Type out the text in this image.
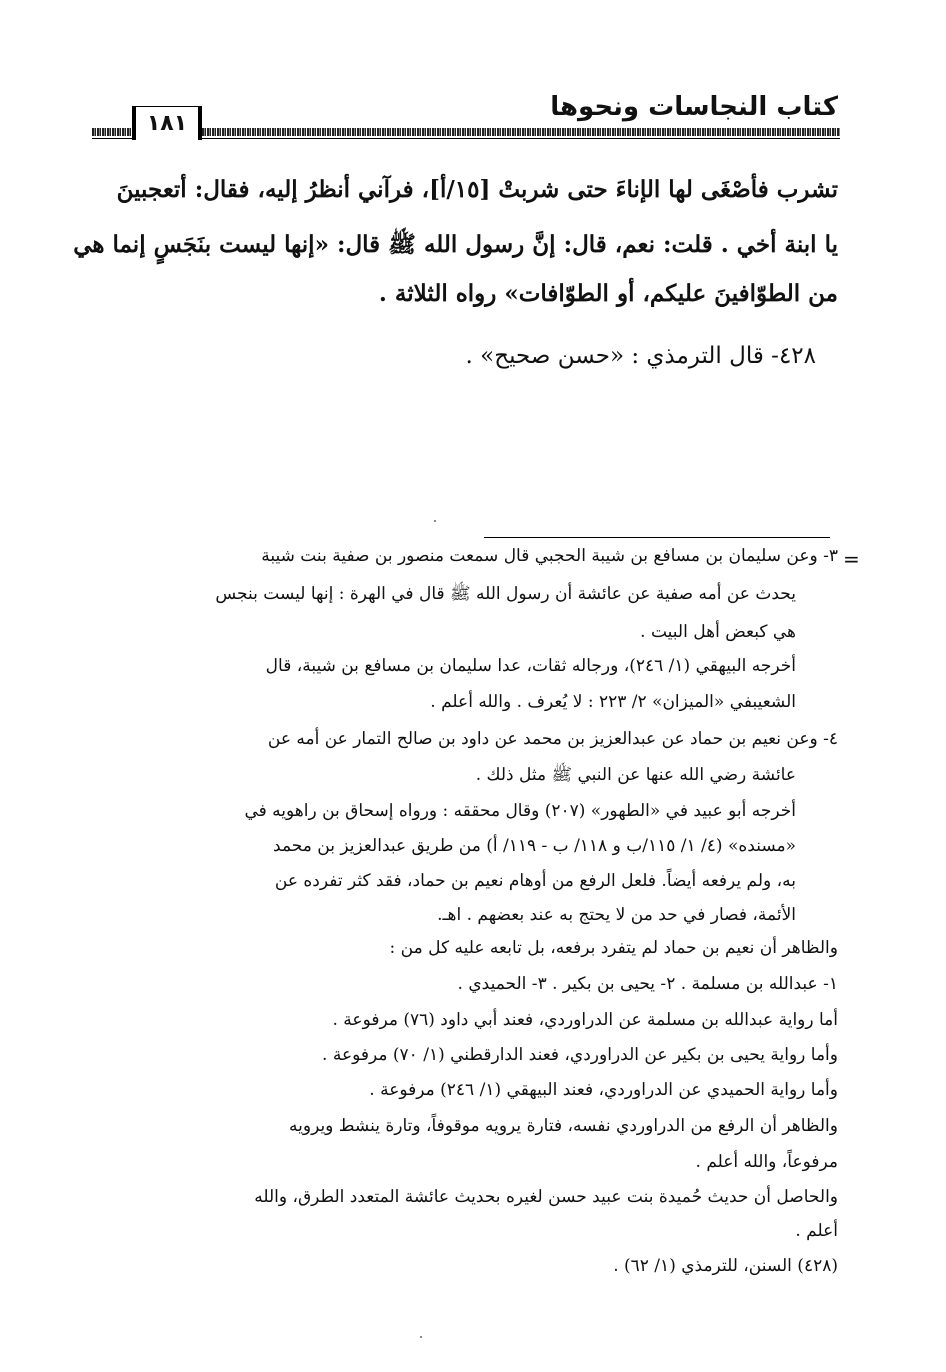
كتاب النجاسات ونحوها
١٨١
تشرب فأصْغَى لها الإناءَ حتى شربتْ [١٥/أ]، فرآني أنظرُ إليه، فقال: أتعجبينَ
يا ابنة أخي . قلت: نعم، قال: إنَّ رسول الله ﷺ قال: «إنها ليست بنَجَسٍ إنما هي
من الطوّافينَ عليكم، أو الطوّافات» رواه الثلاثة .
٤٢٨- قال الترمذي : «حسن صحيح» .
=
٣- وعن سليمان بن مسافع بن شيبة الحجبي قال سمعت منصور بن صفية بنت شيبة
يحدث عن أمه صفية عن عائشة أن رسول الله ﷺ قال في الهرة : إنها ليست بنجس
هي كبعض أهل البيت .
أخرجه البيهقي (١/ ٢٤٦)، ورجاله ثقات، عدا سليمان بن مسافع بن شيبة، قال
الشعيبفي «الميزان» ٢/ ٢٢٣ : لا يُعرف . والله أعلم .
٤- وعن نعيم بن حماد عن عبدالعزيز بن محمد عن داود بن صالح التمار عن أمه عن
عائشة رضي الله عنها عن النبي ﷺ مثل ذلك .
أخرجه أبو عبيد في «الطهور» (٢٠٧) وقال محققه : ورواه إسحاق بن راهويه في
«مسنده» (٤/ ١/ ١١٥/ب و ١١٨/ ب - ١١٩/ أ) من طريق عبدالعزيز بن محمد
به، ولم يرفعه أيضاً. فلعل الرفع من أوهام نعيم بن حماد، فقد كثر تفرده عن
الأئمة، فصار في حد من لا يحتج به عند بعضهم . اهـ.
والظاهر أن نعيم بن حماد لم يتفرد برفعه، بل تابعه عليه كل من :
١- عبدالله بن مسلمة . ٢- يحيى بن بكير . ٣- الحميدي .
أما رواية عبدالله بن مسلمة عن الدراوردي، فعند أبي داود (٧٦) مرفوعة .
وأما رواية يحيى بن بكير عن الدراوردي، فعند الدارقطني (١/ ٧٠) مرفوعة .
وأما رواية الحميدي عن الدراوردي، فعند البيهقي (١/ ٢٤٦) مرفوعة .
والظاهر أن الرفع من الدراوردي نفسه، فتارة يرويه موقوفاً، وتارة ينشط ويرويه
مرفوعاً، والله أعلم .
والحاصل أن حديث حُميدة بنت عبيد حسن لغيره بحديث عائشة المتعدد الطرق، والله
أعلم .
(٤٢٨) السنن، للترمذي (١/ ٦٢) .
